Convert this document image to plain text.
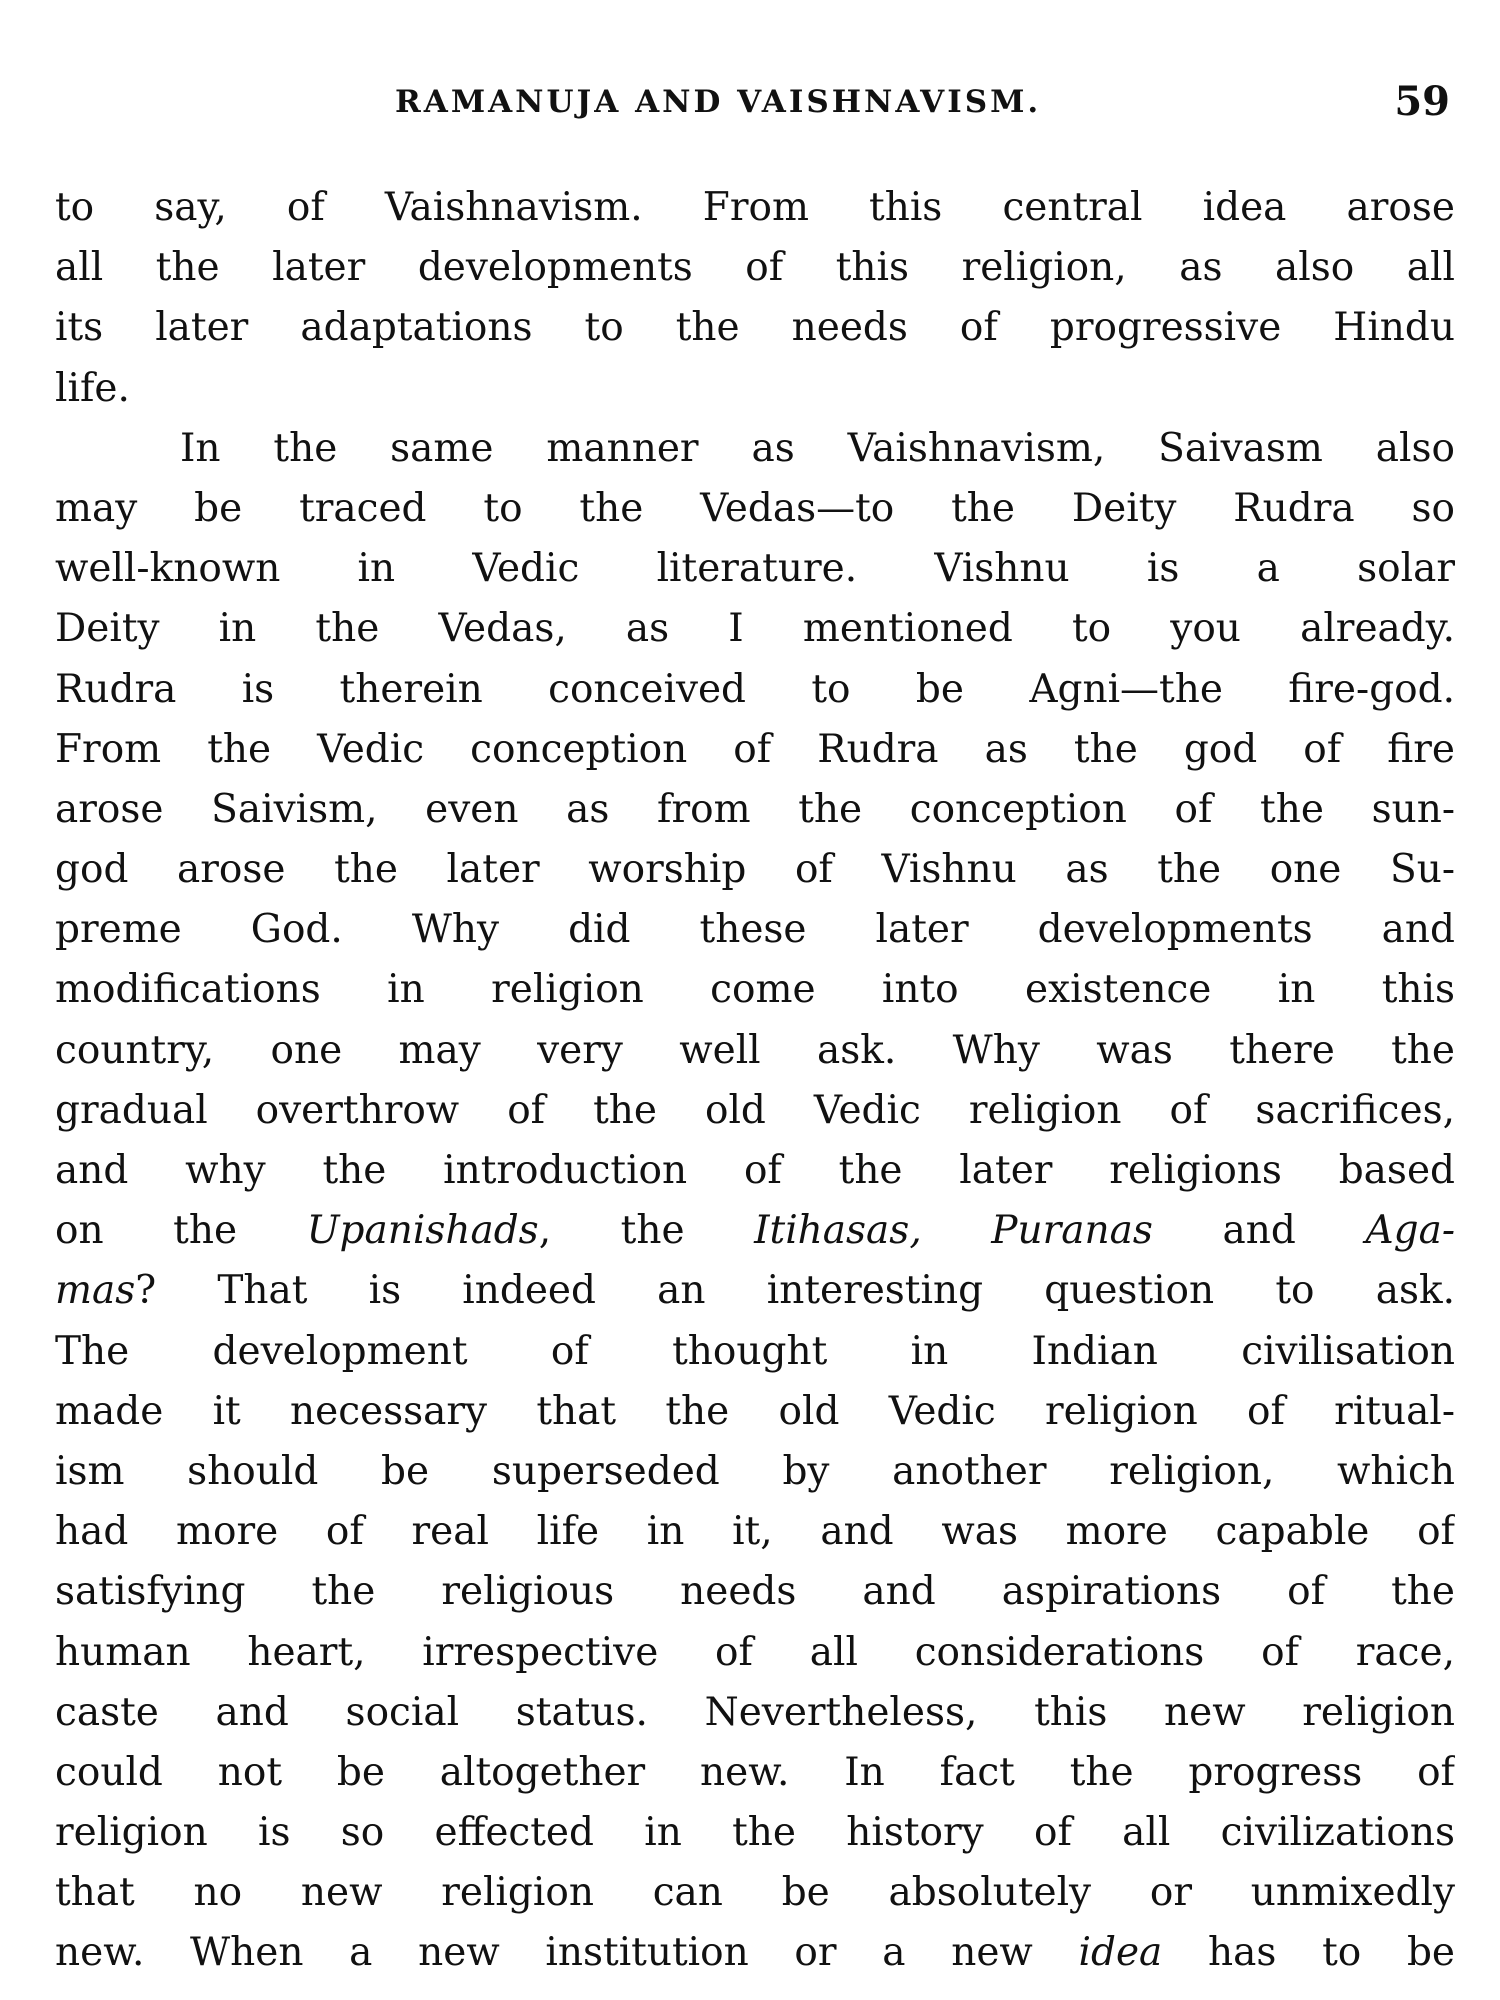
RAMANUJA AND VAISHNAVISM.	59
to say, of Vaishnavism. From this central idea arose
all the later developments of this religion, as also all
its later adaptations to the needs of progressive Hindu
life.
In the same manner as Vaishnavism, Saivasm also
may be traced to the Vedas—to the Deity Rudra so
well-known in Vedic literature. Vishnu is a solar
Deity in the Vedas, as I mentioned to you already.
Rudra is therein conceived to be Agni—the fire-god.
From the Vedic conception of Rudra as the god of fire
arose Saivism, even as from the conception of the sun-
god arose the later worship of Vishnu as the one Su-
preme God. Why did these later developments and
modifications in religion come into existence in this
country, one may very well ask. Why was there the
gradual overthrow of the old Vedic religion of sacrifices,
and why the introduction of the later religions based
on the Upanishads, the Itihasas, Puranas and Aga-
mas? That is indeed an interesting question to ask.
The development of thought in Indian civilisation
made it necessary that the old Vedic religion of ritual-
ism should be superseded by another religion, which
had more of real life in it, and was more capable of
satisfying the religious needs and aspirations of the
human heart, irrespective of all considerations of race,
caste and social status. Nevertheless, this new religion
could not be altogether new. In fact the progress of
religion is so effected in the history of all civilizations
that no new religion can be absolutely or unmixedly
new. When a new institution or a new idea has to be
